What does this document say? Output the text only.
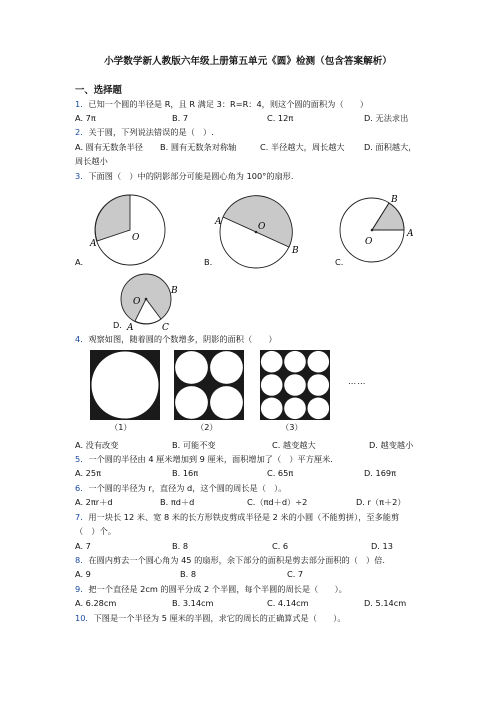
小学数学新人教版六年级上册第五单元《圆》检测（包含答案解析）
一、选择题
1．已知一个圆的半径是 R，且 R 满足 3：R=R：4，则这个圆的面积为（　　）
A. 7π	B. 7	C. 12π	D. 无法求出
2．关于圆，下列说法错误的是（　）.
A. 圆有无数条半径 B. 圆有无数条对称轴	C. 半径越大，周长越大 D. 面积越大，
周长越小
3．下面图（　）中的阴影部分可能是圆心角为 100°的扇形.
A
O
A	O
B
O
B
A
O
B
A	C
A.	B.	C.
D.
4．观察如图，随着圆的个数增多，阴影的面积（　　）
（1）	（2）	（3）
……
A. 没有改变	B. 可能不变	C. 越变越大	D. 越变越小
5．一个圆的半径由 4 厘米增加到 9 厘米，面积增加了（　）平方厘米.
A. 25π	B. 16π	C. 65π	D. 169π
6．一个圆的半径为 r，直径为 d，这个圆的周长是（　）。
A. 2πr＋d	B. πd＋d	C.（πd＋d）÷2	D. r（π＋2）
7．用一块长 12 米、宽 8 米的长方形铁皮剪成半径是 2 米的小圆（不能剪拼），至多能剪
（　）个。
A. 7	B. 8	C. 6	D. 13
8．在圆内剪去一个圆心角为 45 的扇形，余下部分的面积是剪去部分面积的（　）倍.
A. 9	B. 8	C. 7
9．把一个直径是 2cm 的圆平分成 2 个半圆，每个半圆的周长是（　　）。
A. 6.28cm	B. 3.14cm	C. 4.14cm	D. 5.14cm
10．下图是一个半径为 5 厘米的半圆，求它的周长的正确算式是（　　）。
